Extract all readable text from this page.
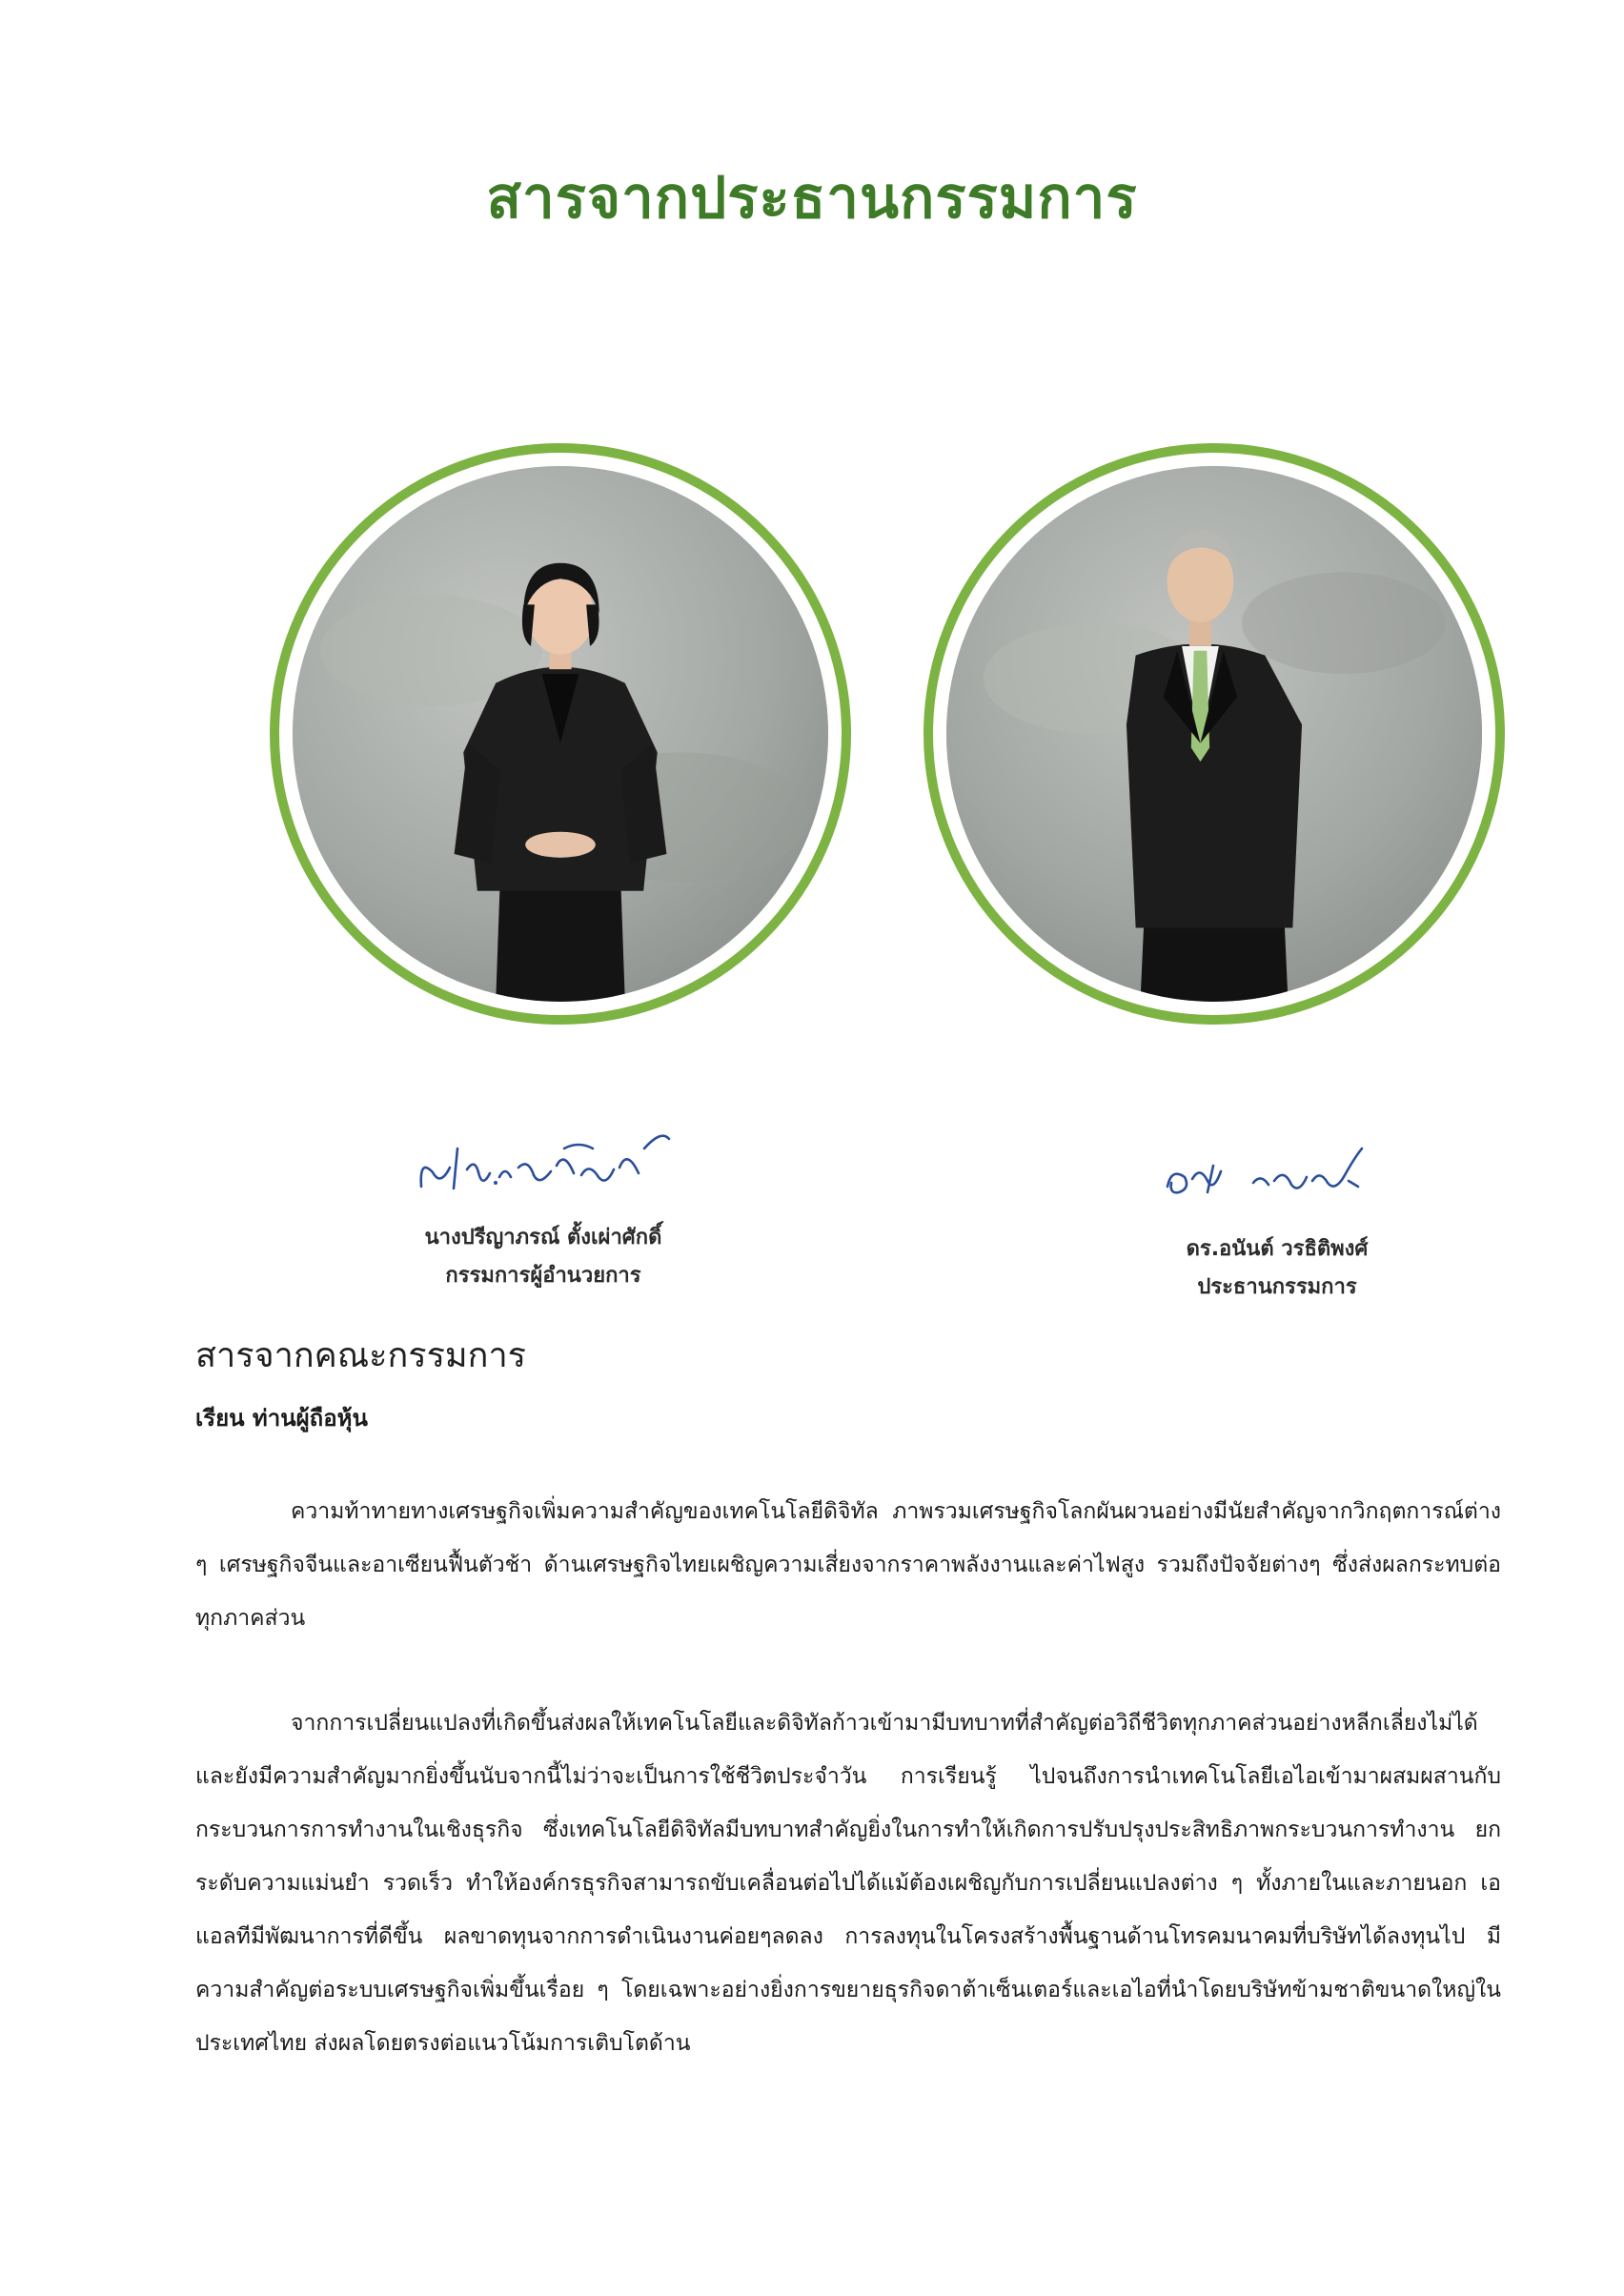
สารจากประธานกรรมการ
นางปรีญาภรณ์ ตั้งเผ่าศักดิ์
กรรมการผู้อำนวยการ
ดร.อนันต์ วรธิติพงศ์
ประธานกรรมการ
สารจากคณะกรรมการ
เรียน ท่านผู้ถือหุ้น

ความท้าทายทางเศรษฐกิจเพิ่มความสำคัญของเทคโนโลยีดิจิทัล ภาพรวมเศรษฐกิจโลกผันผวนอย่างมีนัยสำคัญจากวิกฤตการณ์ต่าง ๆ เศรษฐกิจจีนและอาเซียนฟื้นตัวช้า ด้านเศรษฐกิจไทยเผชิญความเสี่ยงจากราคาพลังงานและค่าไฟสูง รวมถึงปัจจัยต่างๆ ซึ่งส่งผลกระทบต่อทุกภาคส่วน

จากการเปลี่ยนแปลงที่เกิดขึ้นส่งผลให้เทคโนโลยีและดิจิทัลก้าวเข้ามามีบทบาทที่สำคัญต่อวิถีชีวิตทุกภาคส่วนอย่างหลีกเลี่ยงไม่ได้ และยังมีความสำคัญมากยิ่งขึ้นนับจากนี้ไม่ว่าจะเป็นการใช้ชีวิตประจำวัน การเรียนรู้ ไปจนถึงการนำเทคโนโลยีเอไอเข้ามาผสมผสานกับกระบวนการการทำงานในเชิงธุรกิจ ซึ่งเทคโนโลยีดิจิทัลมีบทบาทสำคัญยิ่งในการทำให้เกิดการปรับปรุงประสิทธิภาพกระบวนการทำงาน ยกระดับความแม่นยำ รวดเร็ว ทำให้องค์กรธุรกิจสามารถขับเคลื่อนต่อไปได้แม้ต้องเผชิญกับการเปลี่ยนแปลงต่าง ๆ ทั้งภายในและภายนอก เอแอลทีมีพัฒนาการที่ดีขึ้น ผลขาดทุนจากการดำเนินงานค่อยๆลดลง การลงทุนในโครงสร้างพื้นฐานด้านโทรคมนาคมที่บริษัทได้ลงทุนไป มีความสำคัญต่อระบบเศรษฐกิจเพิ่มขึ้นเรื่อย ๆ โดยเฉพาะอย่างยิ่งการขยายธุรกิจดาต้าเซ็นเตอร์และเอไอที่นำโดยบริษัทข้ามชาติขนาดใหญ่ในประเทศไทย ส่งผลโดยตรงต่อแนวโน้มการเติบโตด้าน
